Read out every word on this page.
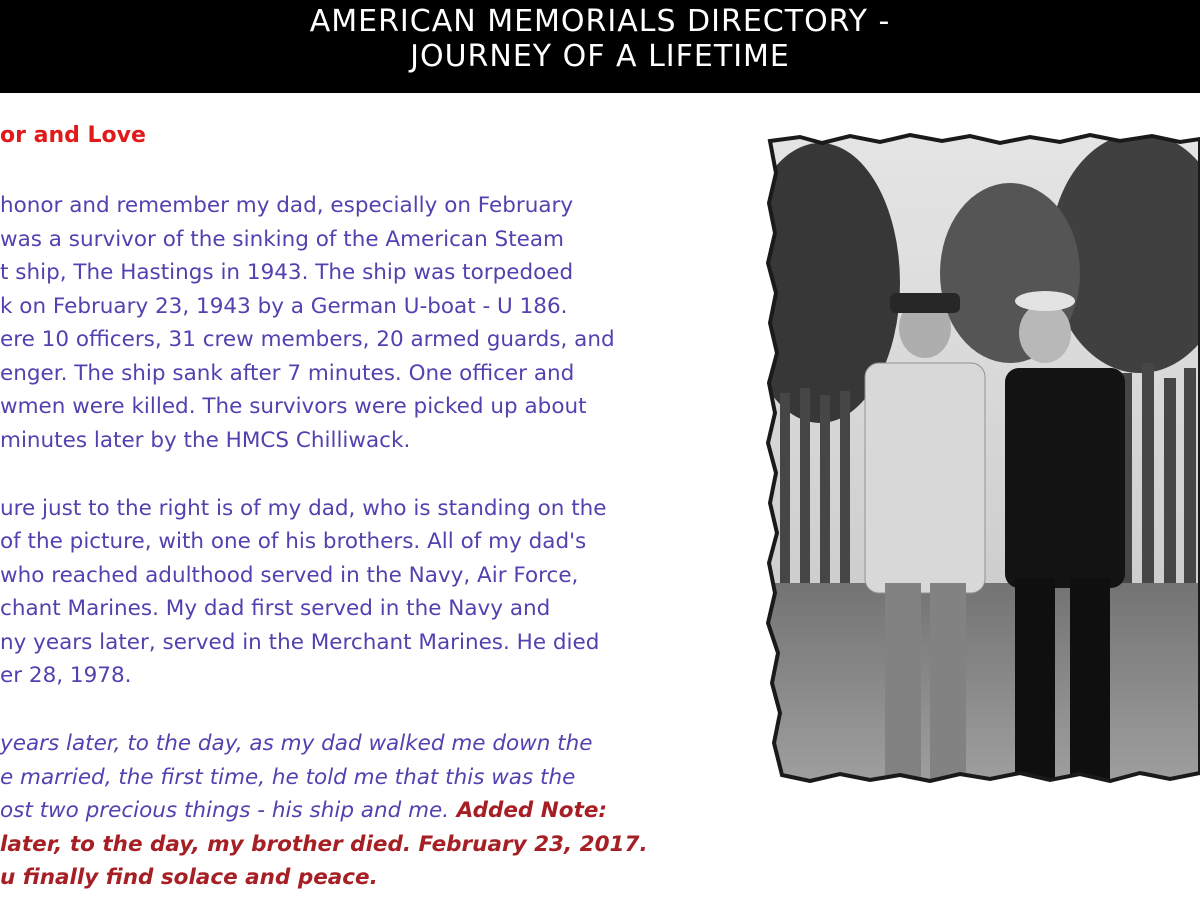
AMERICAN MEMORIALS DIRECTORY -
JOURNEY OF A LIFETIME
or and Love
honor and remember my dad, especially on February
was a survivor of the sinking of the American Steam
t ship, The Hastings in 1943. The ship was torpedoed
k on February 23, 1943 by a German U-boat - U 186.
ere 10 officers, 31 crew members, 20 armed guards, and
enger. The ship sank after 7 minutes. One officer and
wmen were killed. The survivors were picked up about
minutes later by the HMCS Chilliwack.
ure just to the right is of my dad, who is standing on the
of the picture, with one of his brothers. All of my dad's
who reached adulthood served in the Navy, Air Force,
chant Marines. My dad first served in the Navy and
ny years later, served in the Merchant Marines. He died
er 28, 1978.
years later, to the day, as my dad walked me down the
e married, the first time, he told me that this was the
ost two precious things - his ship and me. Added Note:
later, to the day, my brother died. February 23, 2017.
u finally find solace and peace.
